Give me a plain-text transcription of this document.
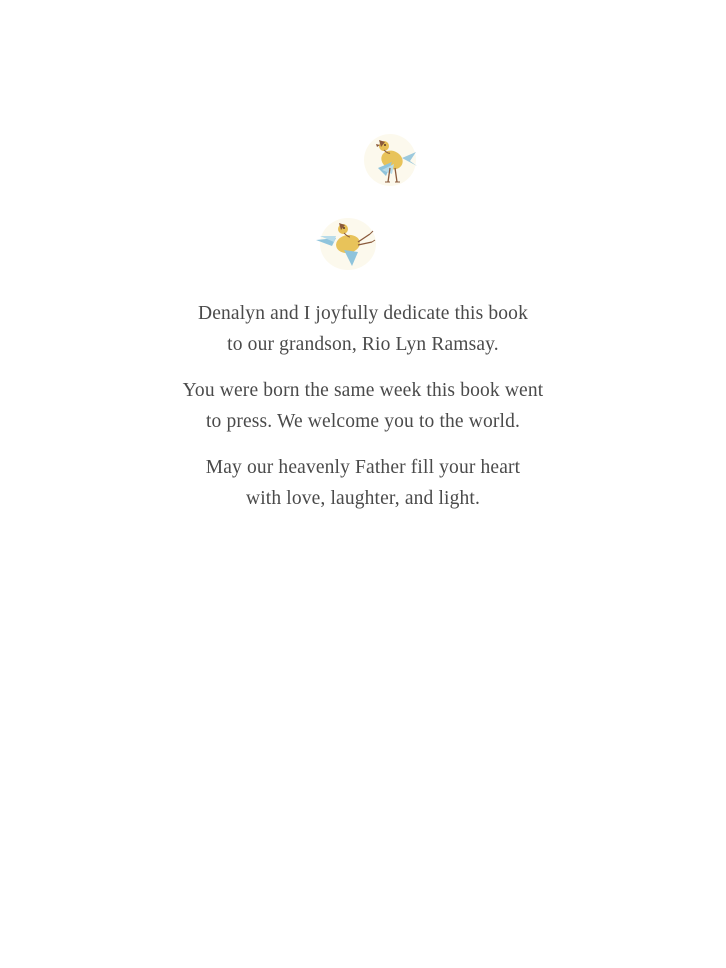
Denalyn and I joyfully dedicate this book
to our grandson, Rio Lyn Ramsay.

You were born the same week this book went
to press. We welcome you to the world.

May our heavenly Father fill your heart
with love, laughter, and light.
